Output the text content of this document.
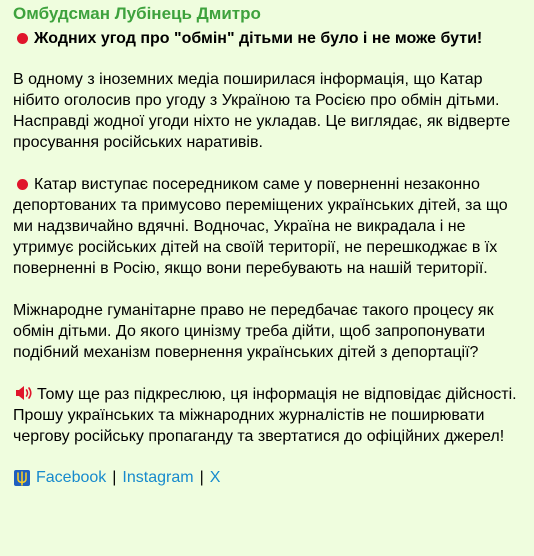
Омбудсман Лубінець Дмитро

Жодних угод про "обмін" дітьми не було і не може бути!

В одному з іноземних медіа поширилася інформація, що Катар нібито оголосив про угоду з Україною та Росією про обмін дітьми. Насправді жодної угоди ніхто не укладав. Це виглядає, як відверте просування російських наративів.

Катар виступає посередником саме у поверненні незаконно депортованих та примусово переміщених українських дітей, за що ми надзвичайно вдячні. Водночас, Україна не викрадала і не утримує російських дітей на своїй території, не перешкоджає в їх поверненні в Росію, якщо вони перебувають на нашій території.

Міжнародне гуманітарне право не передбачає такого процесу як обмін дітьми. До якого цинізму треба дійти, щоб запропонувати подібний механізм повернення українських дітей з депортації?

Тому ще раз підкреслюю, ця інформація не відповідає дійсності. Прошу українських та міжнародних журналістів не поширювати чергову російську пропаганду та звертатися до офіційних джерел!

Facebook | Instagram | X
